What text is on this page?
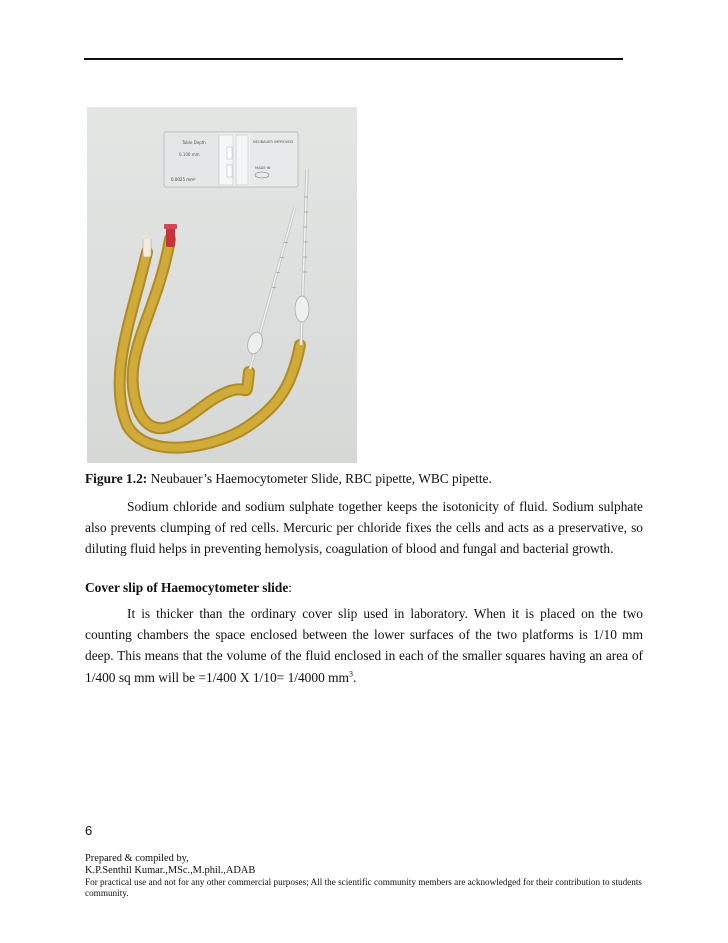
Table Depth
0.100 mm
0.0025 mm²
NEUBAUER IMPROVED
MADE IN
Figure 1.2: Neubauer’s Haemocytometer Slide, RBC pipette, WBC pipette.

Sodium chloride and sodium sulphate together keeps the isotonicity of fluid. Sodium sulphate also prevents clumping of red cells. Mercuric per chloride fixes the cells and acts as a preservative, so diluting fluid helps in preventing hemolysis, coagulation of blood and fungal and bacterial growth.

Cover slip of Haemocytometer slide:

It is thicker than the ordinary cover slip used in laboratory. When it is placed on the two counting chambers the space enclosed between the lower surfaces of the two platforms is 1/10 mm deep. This means that the volume of the fluid enclosed in each of the smaller squares having an area of 1/400 sq mm will be =1/400 X 1/10= 1/4000 $mm^3$.

6
Prepared & compiled by,
K.P.Senthil Kumar.,MSc.,M.phil.,ADAB
For practical use and not for any other commercial purposes; All the scientific community members are acknowledged for their contribution to students community.
